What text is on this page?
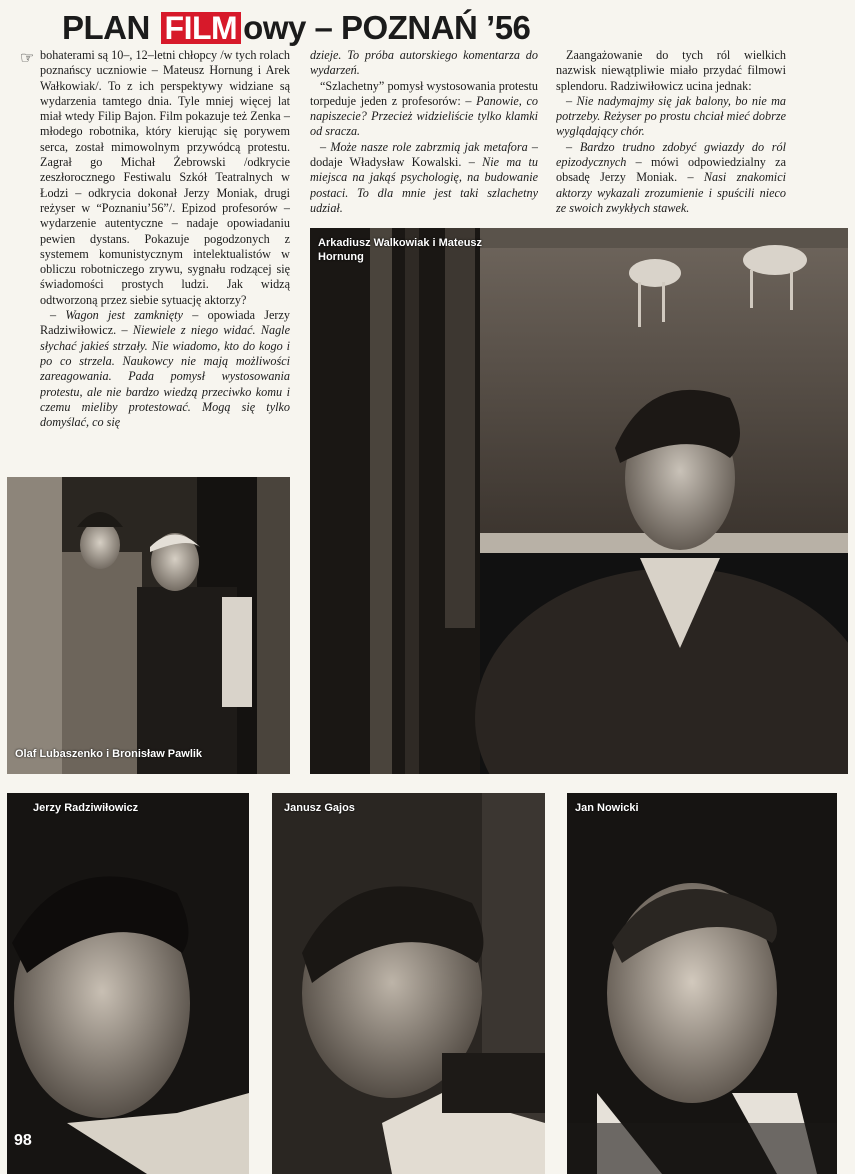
PLAN FILM owy – POZNAŃ ’56
☞ bohaterami są 10–, 12–letni chłopcy /w tych rolach poznańscy uczniowie – Mateusz Hornung i Arek Wałkowiak/. To z ich perspektywy widziane są wydarzenia tamtego dnia. Tyle mniej więcej lat miał wtedy Filip Bajon. Film pokazuje też Zenka – młodego robotnika, który kierując się porywem serca, został mimowolnym przywódcą protestu. Zagrał go Michał Żebrowski /odkrycie zeszłorocznego Festiwalu Szkół Teatralnych w Łodzi – odkrycia dokonał Jerzy Moniak, drugi reżyser w “Poznaniu’56”/. Epizod profesorów – wydarzenie autentyczne – nadaje opowiadaniu pewien dystans. Pokazuje pogodzonych z systemem komunistycznym intelektualistów w obliczu robotniczego zrywu, sygnału rodzącej się świadomości prostych ludzi. Jak widzą odtworzoną przez siebie sytuację aktorzy?

– Wagon jest zamknięty – opowiada Jerzy Radziwiłowicz. – Niewiele z niego widać. Nagle słychać jakieś strzały. Nie wiadomo, kto do kogo i po co strzela. Naukowcy nie mają możliwości zareagowania. Pada pomysł wystosowania protestu, ale nie bardzo wiedzą przeciwko komu i czemu mieliby protestować. Mogą się tylko domyślać, co się

dzieje. To próba autorskiego komentarza do wydarzeń.

“Szlachetny” pomysł wystosowania protestu torpeduje jeden z profesorów: – Panowie, co napiszecie? Przecież widzieliście tylko klamki od sracza.

– Może nasze role zabrzmią jak metafora – dodaje Władysław Kowalski. – Nie ma tu miejsca na jakąś psychologię, na budowanie postaci. To dla mnie jest taki szlachetny udział.

Zaangażowanie do tych ról wielkich nazwisk niewątpliwie miało przydać filmowi splendoru. Radziwiłowicz ucina jednak:

– Nie nadymajmy się jak balony, bo nie ma potrzeby. Reżyser po prostu chciał mieć dobrze wyglądający chór.

– Bardzo trudno zdobyć gwiazdy do ról epizodycznych – mówi odpowiedzialny za obsadę Jerzy Moniak. – Nasi znakomici aktorzy wykazali zrozumienie i spuścili nieco ze swoich zwykłych stawek.

Arkadiusz Walkowiak i Mateusz Hornung
Olaf Lubaszenko i Bronisław Pawlik
Jerzy Radziwiłowicz	Janusz Gajos	Jan Nowicki
98
